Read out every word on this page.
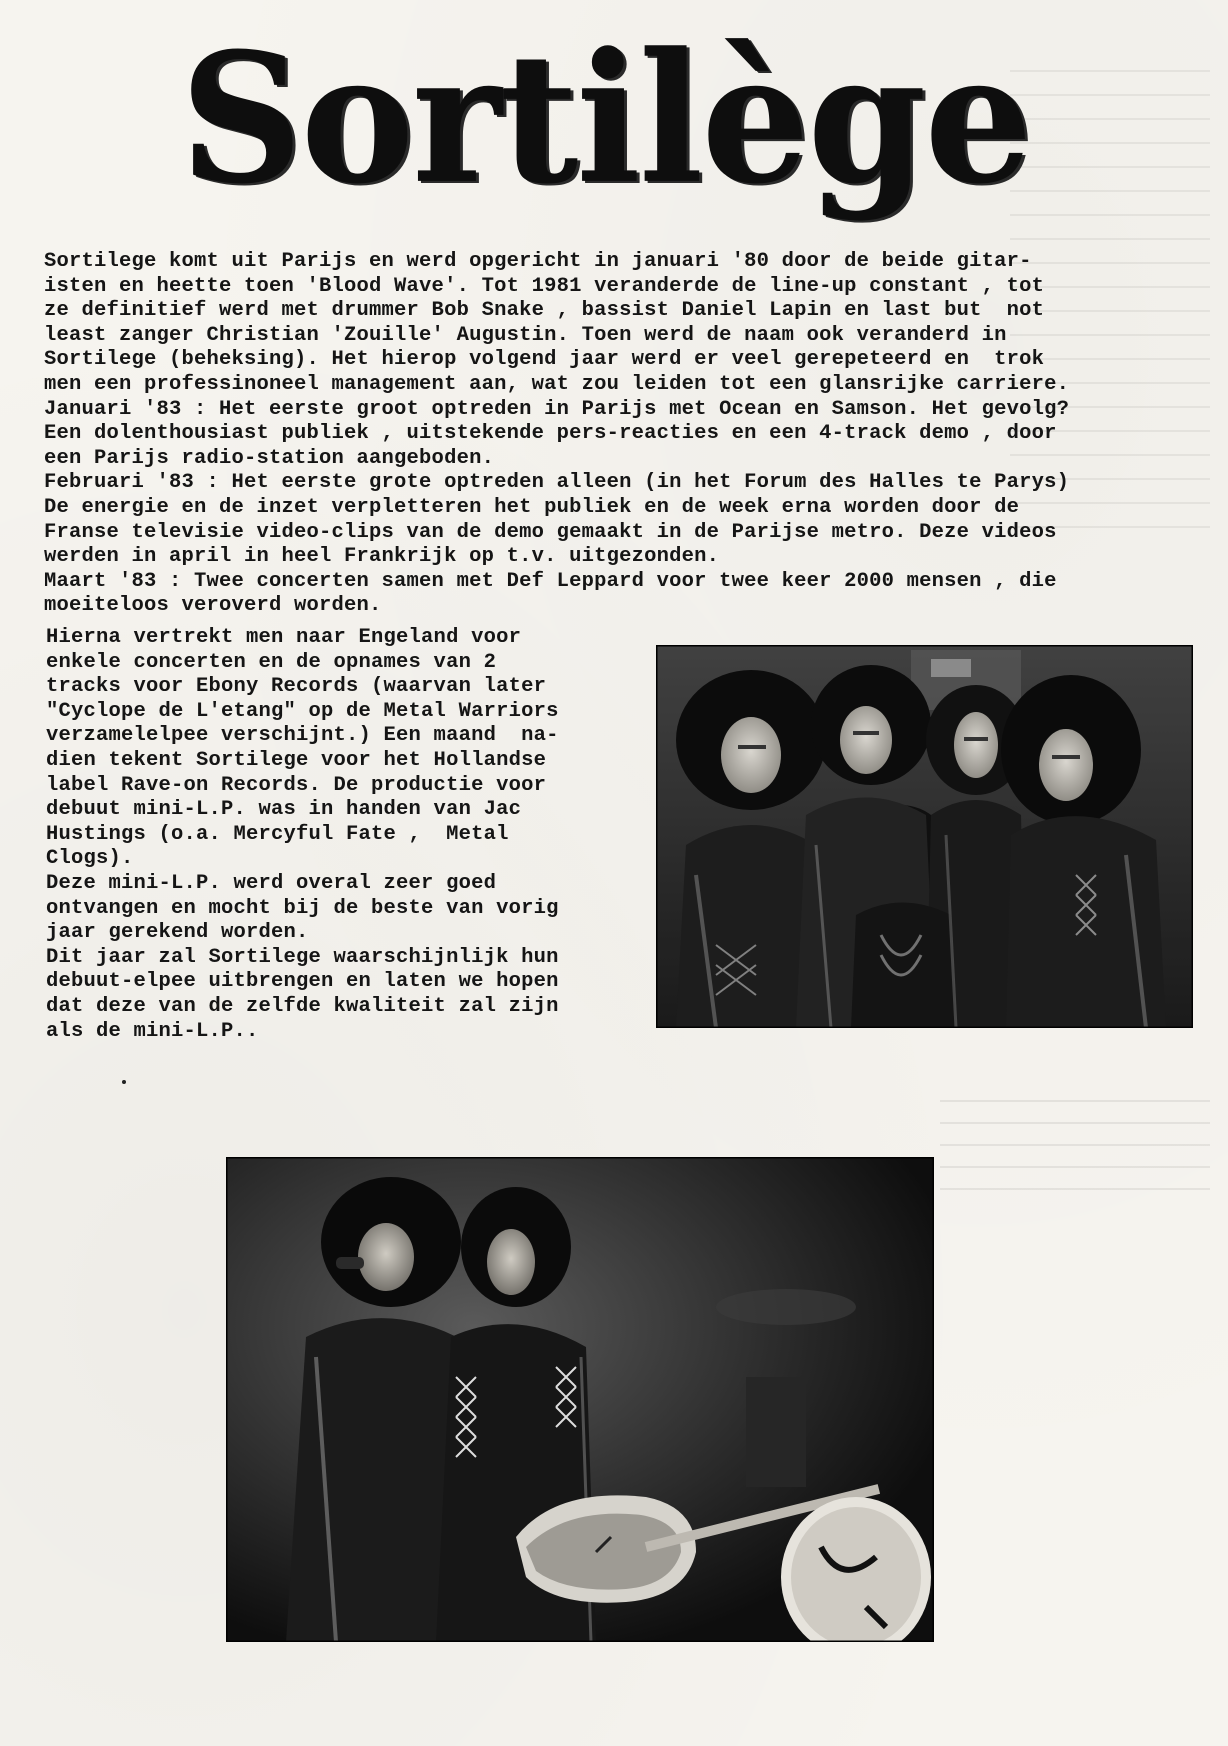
Sortilège

Sortilege komt uit Parijs en werd opgericht in januari '80 door de beide gitar-

isten en heette toen 'Blood Wave'. Tot 1981 veranderde de line-up constant , tot

ze definitief werd met drummer Bob Snake , bassist Daniel Lapin en last but  not

least zanger Christian 'Zouille' Augustin. Toen werd de naam ook veranderd in

Sortilege (beheksing). Het hierop volgend jaar werd er veel gerepeteerd en  trok

men een professinoneel management aan, wat zou leiden tot een glansrijke carriere.

Januari '83 : Het eerste groot optreden in Parijs met Ocean en Samson. Het gevolg?

Een dolenthousiast publiek , uitstekende pers-reacties en een 4-track demo , door

een Parijs radio-station aangeboden.

Februari '83 : Het eerste grote optreden alleen (in het Forum des Halles te Parys)

De energie en de inzet verpletteren het publiek en de week erna worden door de

Franse televisie video-clips van de demo gemaakt in de Parijse metro. Deze videos

werden in april in heel Frankrijk op t.v. uitgezonden.

Maart '83 : Twee concerten samen met Def Leppard voor twee keer 2000 mensen , die

moeiteloos veroverd worden.

Hierna vertrekt men naar Engeland voor

enkele concerten en de opnames van 2

tracks voor Ebony Records (waarvan later

"Cyclope de L'etang" op de Metal Warriors

verzamelelpee verschijnt.) Een maand  na-

dien tekent Sortilege voor het Hollandse

label Rave-on Records. De productie voor

debuut mini-L.P. was in handen van Jac

Hustings (o.a. Mercyful Fate ,  Metal

Clogs).

Deze mini-L.P. werd overal zeer goed

ontvangen en mocht bij de beste van vorig

jaar gerekend worden.

Dit jaar zal Sortilege waarschijnlijk hun

debuut-elpee uitbrengen en laten we hopen

dat deze van de zelfde kwaliteit zal zijn

als de mini-L.P..
